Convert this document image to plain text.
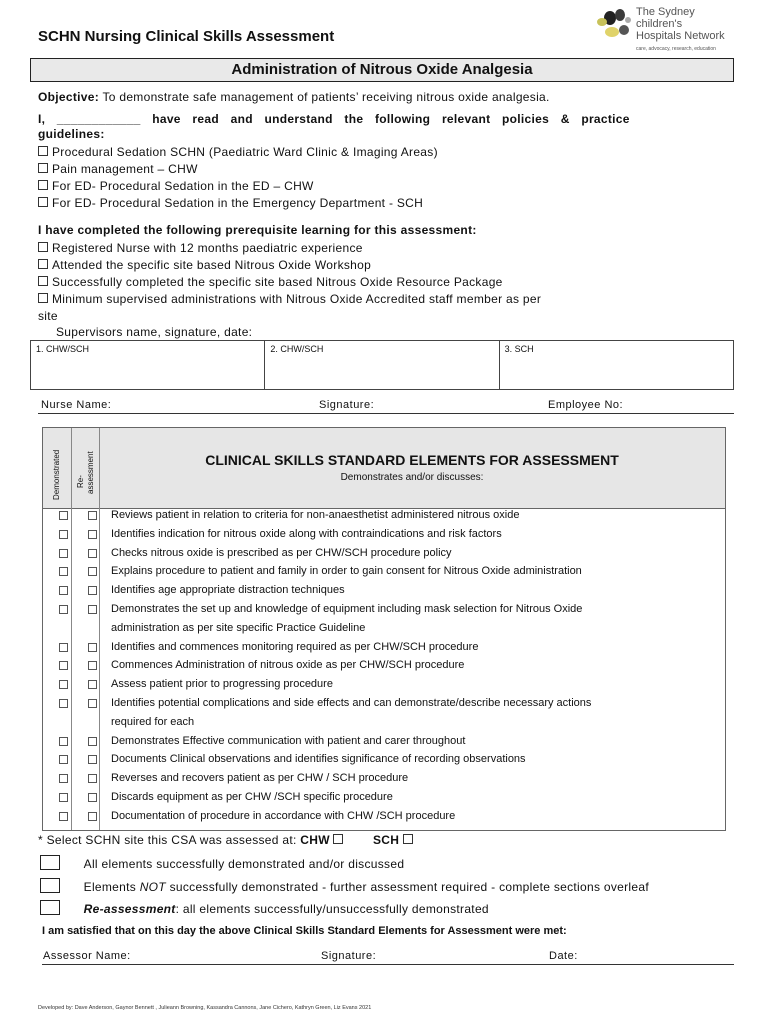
SCHN Nursing Clinical Skills Assessment
The Sydney
children's
Hospitals Network
care, advocacy, research, education
Administration of Nitrous Oxide Analgesia
Objective: To demonstrate safe management of patients’ receiving nitrous oxide analgesia.
I, ____________ have read and understand the following relevant policies & practice
guidelines:
Procedural Sedation SCHN (Paediatric Ward Clinic & Imaging Areas)
Pain management – CHW
For ED- Procedural Sedation in the ED – CHW
For ED- Procedural Sedation in the Emergency Department - SCH
I have completed the following prerequisite learning for this assessment:
Registered Nurse with 12 months paediatric experience
Attended the specific site based Nitrous Oxide Workshop
Successfully completed the specific site based Nitrous Oxide Resource Package
Minimum supervised administrations with Nitrous Oxide Accredited staff member as per
site
Supervisors name, signature, date:
1. CHW/SCH	2. CHW/SCH	3. SCH
Nurse Name:	Signature:	Employee No:
Demonstrated Re- assessment	CLINICAL SKILLS STANDARD ELEMENTS FOR ASSESSMENT
Demonstrates and/or discusses:
Reviews patient in relation to criteria for non-anaesthetist administered nitrous oxide
Identifies indication for nitrous oxide along with contraindications and risk factors
Checks nitrous oxide is prescribed as per CHW/SCH procedure policy
Explains procedure to patient and family in order to gain consent for Nitrous Oxide administration
Identifies age appropriate distraction techniques
Demonstrates the set up and knowledge of equipment including mask selection for Nitrous Oxide
administration as per site specific Practice Guideline
Identifies and commences monitoring required as per CHW/SCH procedure
Commences Administration of nitrous oxide as per CHW/SCH procedure
Assess patient prior to progressing procedure
Identifies potential complications and side effects and can demonstrate/describe necessary actions
required for each
Demonstrates Effective communication with patient and carer throughout
Documents Clinical observations and identifies significance of recording observations
Reverses and recovers patient as per CHW / SCH procedure
Discards equipment as per CHW /SCH specific procedure
Documentation of procedure in accordance with CHW /SCH procedure
* Select SCHN site this CSA was assessed at: CHW	SCH
All elements successfully demonstrated and/or discussed
Elements NOT successfully demonstrated - further assessment required - complete sections overleaf
Re-assessment: all elements successfully/unsuccessfully demonstrated
I am satisfied that on this day the above Clinical Skills Standard Elements for Assessment were met:
Assessor Name:	Signature:	Date:
Developed by: Dave Anderson, Gaynor Bennett , Julieann Browning, Kassandra Cannons, Jane Cichero, Kathryn Green, Liz Evans 2021
